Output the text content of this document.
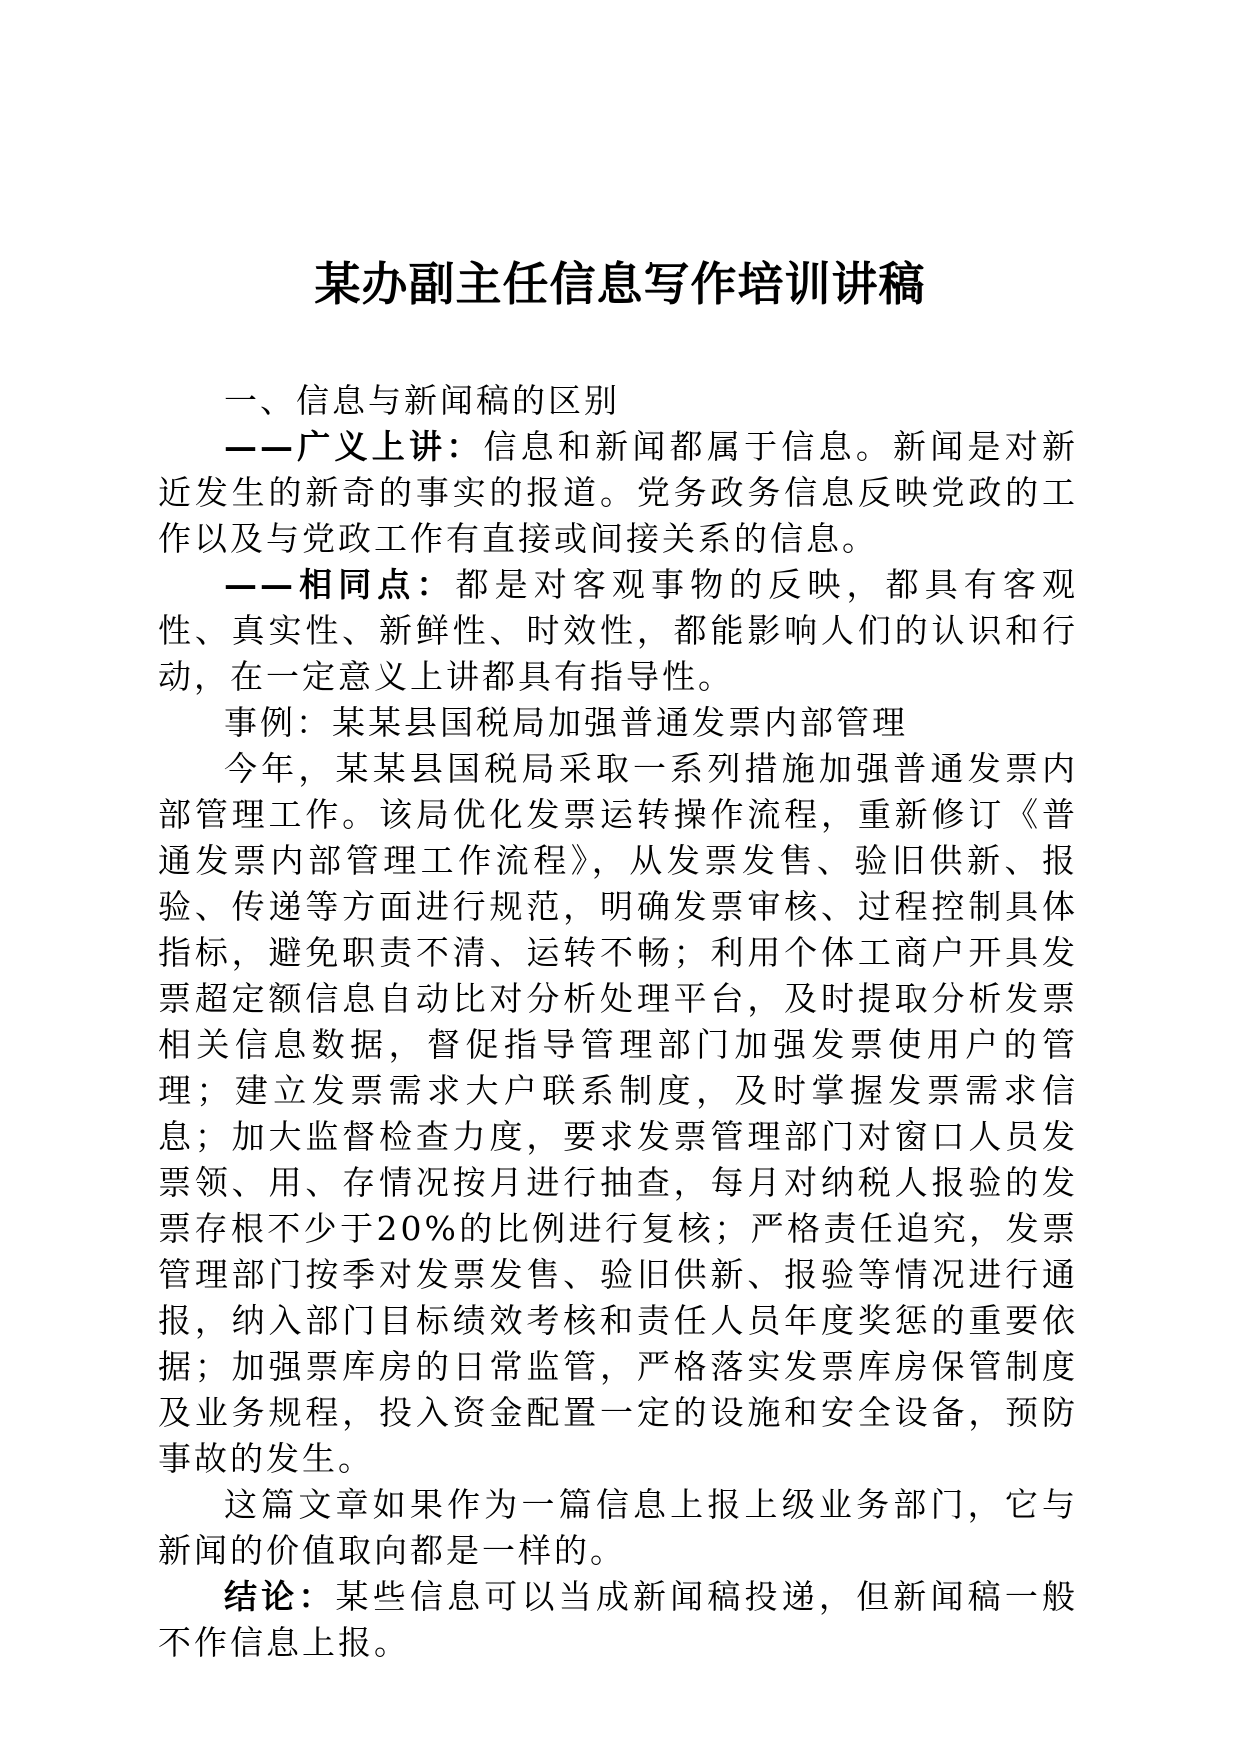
某办副主任信息写作培训讲稿

一、信息与新闻稿的区别

——广义上讲：信息和新闻都属于信息。新闻是对新近发生的新奇的事实的报道。党务政务信息反映党政的工作以及与党政工作有直接或间接关系的信息。

——相同点：都是对客观事物的反映，都具有客观性、真实性、新鲜性、时效性，都能影响人们的认识和行动，在一定意义上讲都具有指导性。

事例：某某县国税局加强普通发票内部管理

今年，某某县国税局采取一系列措施加强普通发票内部管理工作。该局优化发票运转操作流程，重新修订《普通发票内部管理工作流程》，从发票发售、验旧供新、报验、传递等方面进行规范，明确发票审核、过程控制具体指标，避免职责不清、运转不畅；利用个体工商户开具发票超定额信息自动比对分析处理平台，及时提取分析发票相关信息数据，督促指导管理部门加强发票使用户的管理；建立发票需求大户联系制度，及时掌握发票需求信息；加大监督检查力度，要求发票管理部门对窗口人员发票领、用、存情况按月进行抽查，每月对纳税人报验的发票存根不少于20%的比例进行复核；严格责任追究，发票管理部门按季对发票发售、验旧供新、报验等情况进行通报，纳入部门目标绩效考核和责任人员年度奖惩的重要依据；加强票库房的日常监管，严格落实发票库房保管制度及业务规程，投入资金配置一定的设施和安全设备，预防事故的发生。

这篇文章如果作为一篇信息上报上级业务部门，它与新闻的价值取向都是一样的。

结论：某些信息可以当成新闻稿投递，但新闻稿一般不作信息上报。
